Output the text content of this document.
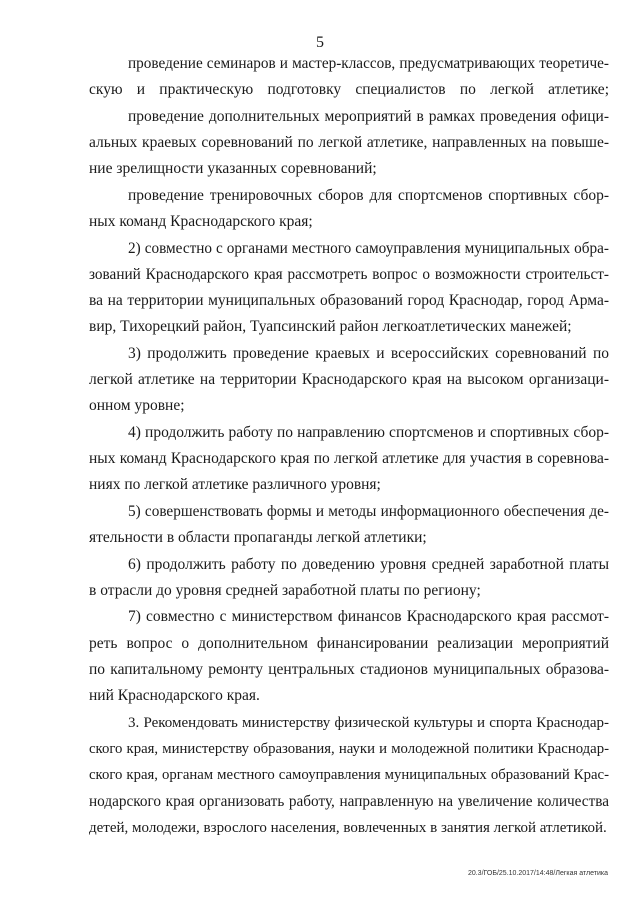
5
проведение семинаров и мастер-классов, предусматривающих теоретиче-
скую и практическую подготовку специалистов по легкой атлетике;
проведение дополнительных мероприятий в рамках проведения офици-
альных краевых соревнований по легкой атлетике, направленных на повыше-
ние зрелищности указанных соревнований;
проведение тренировочных сборов для спортсменов спортивных сбор-
ных команд Краснодарского края;
2) совместно с органами местного самоуправления муниципальных обра-
зований Краснодарского края рассмотреть вопрос о возможности строительст-
ва на территории муниципальных образований город Краснодар, город Арма-
вир, Тихорецкий район, Туапсинский район легкоатлетических манежей;
3) продолжить проведение краевых и всероссийских соревнований по
легкой атлетике на территории Краснодарского края на высоком организаци-
онном уровне;
4) продолжить работу по направлению спортсменов и спортивных сбор-
ных команд Краснодарского края по легкой атлетике для участия в соревнова-
ниях по легкой атлетике различного уровня;
5) совершенствовать формы и методы информационного обеспечения де-
ятельности в области пропаганды легкой атлетики;
6) продолжить работу по доведению уровня средней заработной платы
в отрасли до уровня средней заработной платы по региону;
7) совместно с министерством финансов Краснодарского края рассмот-
реть вопрос о дополнительном финансировании реализации мероприятий
по капитальному ремонту центральных стадионов муниципальных образова-
ний Краснодарского края.
3. Рекомендовать министерству физической культуры и спорта Краснодар-
ского края, министерству образования, науки и молодежной политики Краснодар-
ского края, органам местного самоуправления муниципальных образований Крас-
нодарского края организовать работу, направленную на увеличение количества
детей, молодежи, взрослого населения, вовлеченных в занятия легкой атлетикой.
20.3/ГОБ/25.10.2017/14:48/Легкая атлетика
